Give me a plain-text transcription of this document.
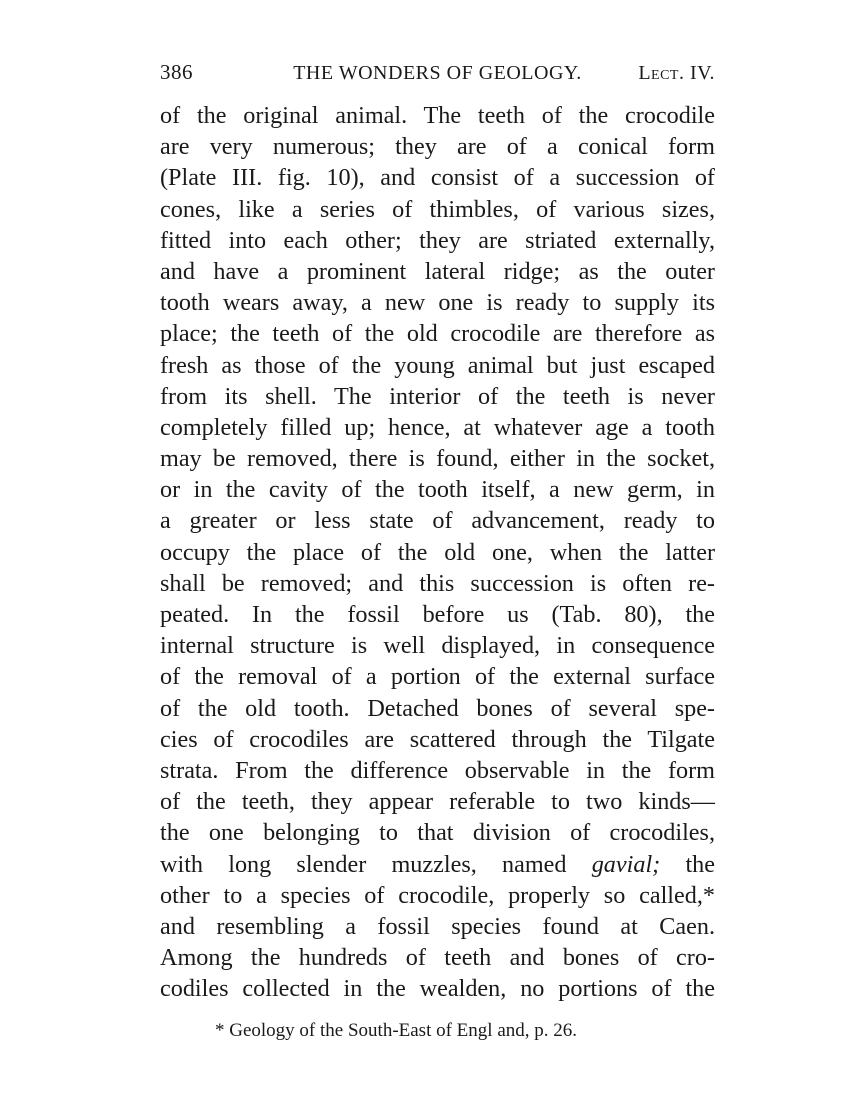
386	THE WONDERS OF GEOLOGY.	Lect. IV.
of the original animal. The teeth of the crocodile
are very numerous; they are of a conical form
(Plate III. fig. 10), and consist of a succession of
cones, like a series of thimbles, of various sizes,
fitted into each other; they are striated externally,
and have a prominent lateral ridge; as the outer
tooth wears away, a new one is ready to supply its
place; the teeth of the old crocodile are therefore as
fresh as those of the young animal but just escaped
from its shell. The interior of the teeth is never
completely filled up; hence, at whatever age a tooth
may be removed, there is found, either in the socket,
or in the cavity of the tooth itself, a new germ, in
a greater or less state of advancement, ready to
occupy the place of the old one, when the latter
shall be removed; and this succession is often re-
peated. In the fossil before us (Tab. 80), the
internal structure is well displayed, in consequence
of the removal of a portion of the external surface
of the old tooth. Detached bones of several spe-
cies of crocodiles are scattered through the Tilgate
strata. From the difference observable in the form
of the teeth, they appear referable to two kinds—
the one belonging to that division of crocodiles,
with long slender muzzles, named gavial; the
other to a species of crocodile, properly so called,*
and resembling a fossil species found at Caen.
Among the hundreds of teeth and bones of cro-
codiles collected in the wealden, no portions of the
* Geology of the South-East of Engl and, p. 26.
